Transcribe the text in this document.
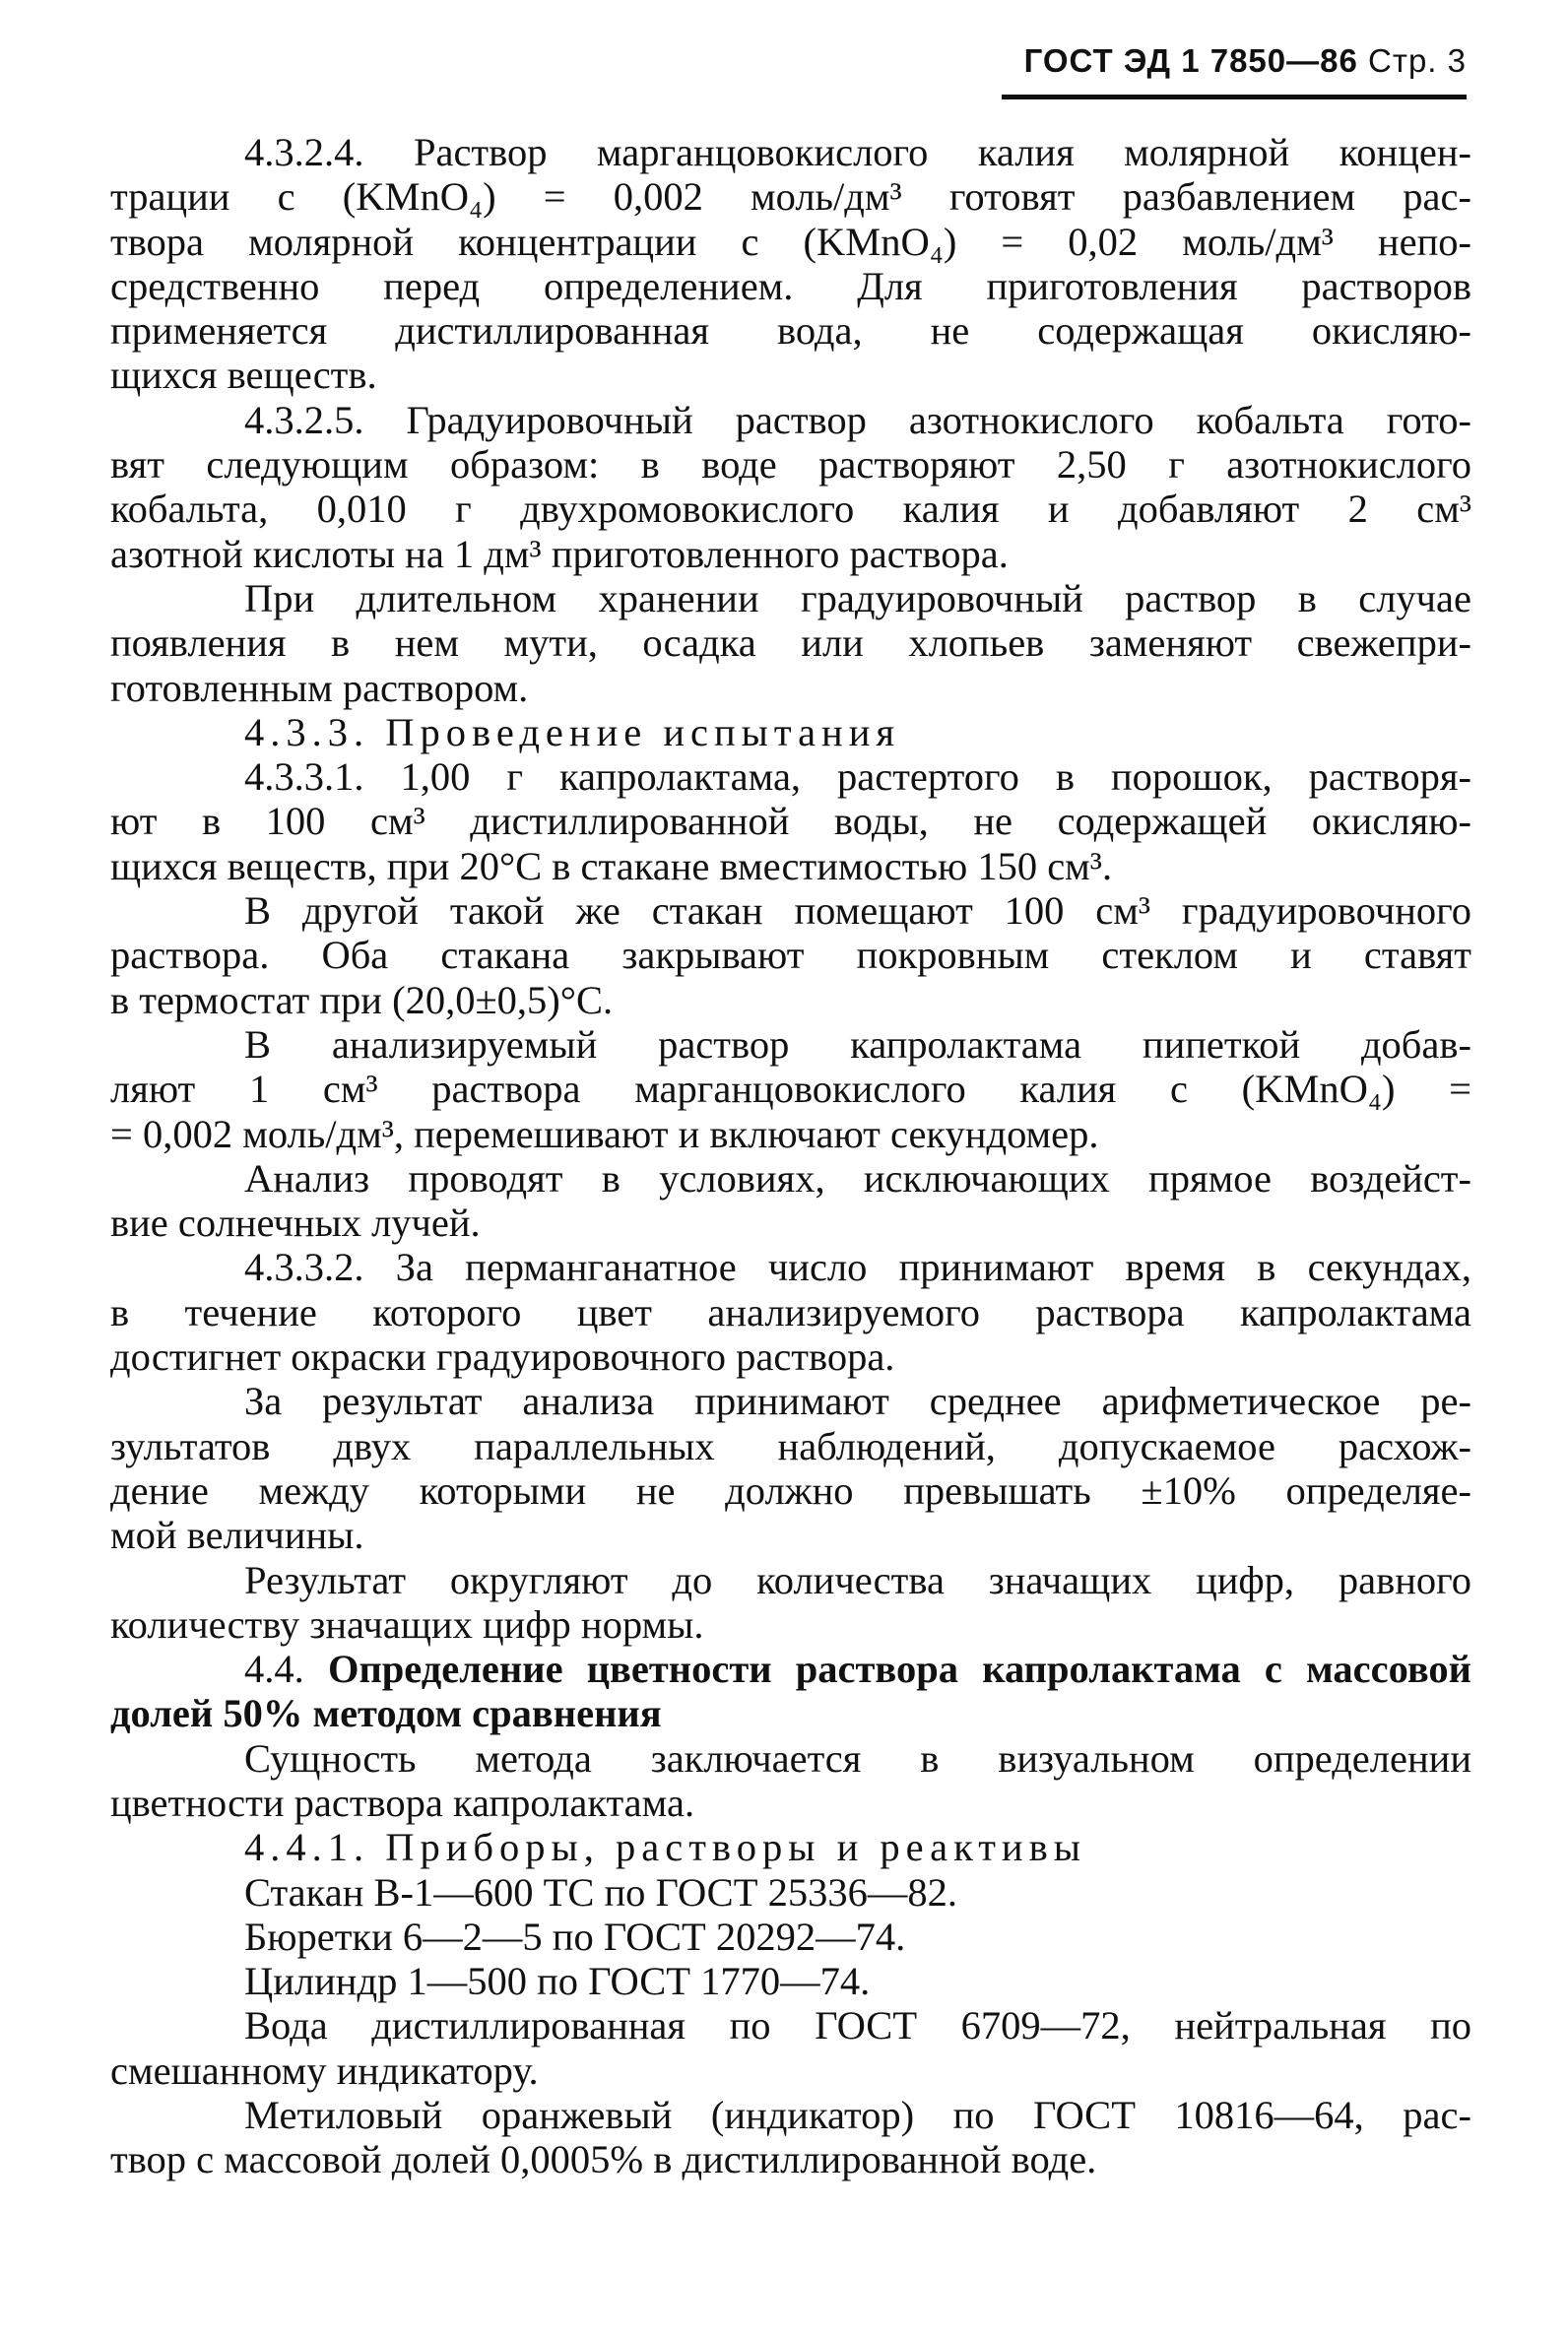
ГОСТ ЭД 1 7850—86 Стр. 3
4.3.2.4. Раствор марганцовокислого калия молярной концен-
трации c (KMnO₄) = 0,002 моль/дм³ готовят разбавлением рас-
твора молярной концентрации c (KMnO₄) = 0,02 моль/дм³ непо-
средственно перед определением. Для приготовления растворов
применяется дистиллированная вода, не содержащая окисляю-
щихся веществ.
4.3.2.5. Градуировочный раствор азотнокислого кобальта гото-
вят следующим образом: в воде растворяют 2,50 г азотнокислого
кобальта, 0,010 г двухромовокислого калия и добавляют 2 см³
азотной кислоты на 1 дм³ приготовленного раствора.
При длительном хранении градуировочный раствор в случае
появления в нем мути, осадка или хлопьев заменяют свежепри-
готовленным раствором.
4.3.3. Проведение испытания
4.3.3.1. 1,00 г капролактама, растертого в порошок, растворя-
ют в 100 см³ дистиллированной воды, не содержащей окисляю-
щихся веществ, при 20°С в стакане вместимостью 150 см³.
В другой такой же стакан помещают 100 см³ градуировочного
раствора. Оба стакана закрывают покровным стеклом и ставят
в термостат при (20,0±0,5)°С.
В анализируемый раствор капролактама пипеткой добав-
ляют 1 см³ раствора марганцовокислого калия c (KMnO₄) =
= 0,002 моль/дм³, перемешивают и включают секундомер.
Анализ проводят в условиях, исключающих прямое воздейст-
вие солнечных лучей.
4.3.3.2. За перманганатное число принимают время в секундах,
в течение которого цвет анализируемого раствора капролактама
достигнет окраски градуировочного раствора.
За результат анализа принимают среднее арифметическое ре-
зультатов двух параллельных наблюдений, допускаемое расхож-
дение между которыми не должно превышать ±10% определяе-
мой величины.
Результат округляют до количества значащих цифр, равного
количеству значащих цифр нормы.
4.4. Определение цветности раствора капролактама с массовой
долей 50% методом сравнения
Сущность метода заключается в визуальном определении
цветности раствора капролактама.
4.4.1. Приборы, растворы и реактивы
Стакан В-1—600 ТС по ГОСТ 25336—82.
Бюретки 6—2—5 по ГОСТ 20292—74.
Цилиндр 1—500 по ГОСТ 1770—74.
Вода дистиллированная по ГОСТ 6709—72, нейтральная по
смешанному индикатору.
Метиловый оранжевый (индикатор) по ГОСТ 10816—64, рас-
твор с массовой долей 0,0005% в дистиллированной воде.
